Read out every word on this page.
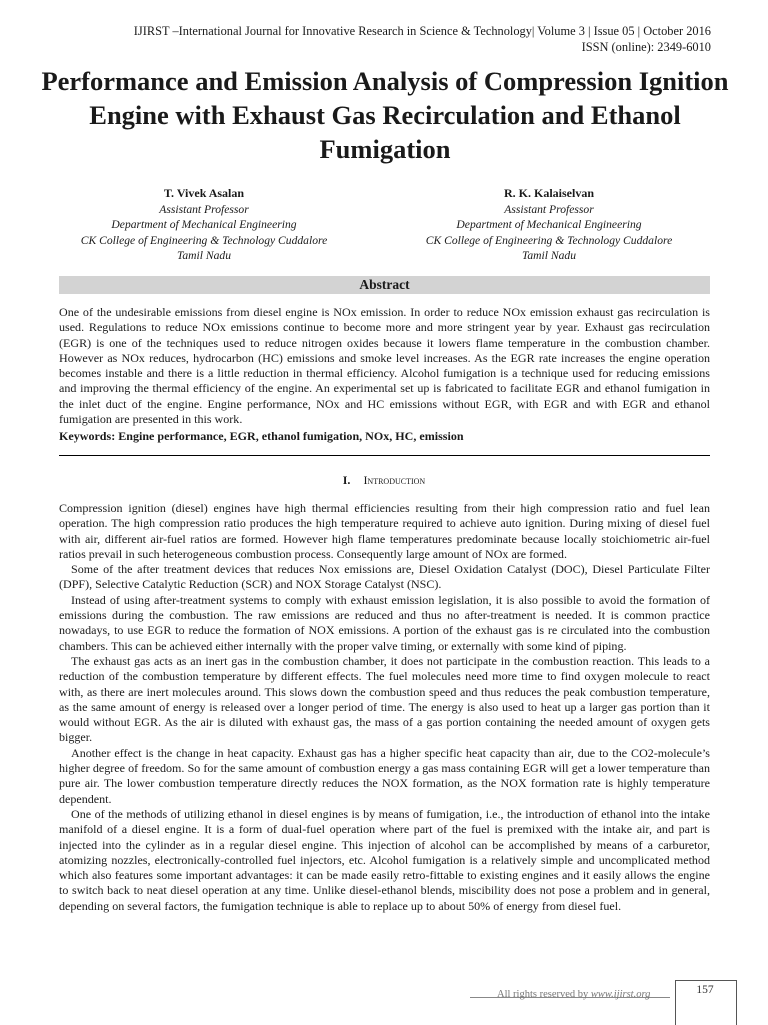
IJIRST –International Journal for Innovative Research in Science & Technology| Volume 3 | Issue 05 | October 2016
ISSN (online): 2349-6010
Performance and Emission Analysis of Compression Ignition Engine with Exhaust Gas Recirculation and Ethanol Fumigation
T. Vivek Asalan
Assistant Professor
Department of Mechanical Engineering
CK College of Engineering & Technology Cuddalore
Tamil Nadu
R. K. Kalaiselvan
Assistant Professor
Department of Mechanical Engineering
CK College of Engineering & Technology Cuddalore
Tamil Nadu
Abstract

One of the undesirable emissions from diesel engine is NOx emission. In order to reduce NOx emission exhaust gas recirculation is used. Regulations to reduce NOx emissions continue to become more and more stringent year by year. Exhaust gas recirculation (EGR) is one of the techniques used to reduce nitrogen oxides because it lowers flame temperature in the combustion chamber. However as NOx reduces, hydrocarbon (HC) emissions and smoke level increases. As the EGR rate increases the engine operation becomes instable and there is a little reduction in thermal efficiency. Alcohol fumigation is a technique used for reducing emissions and improving the thermal efficiency of the engine. An experimental set up is fabricated to facilitate EGR and ethanol fumigation in the inlet duct of the engine. Engine performance, NOx and HC emissions without EGR, with EGR and with EGR and ethanol fumigation are presented in this work.

Keywords: Engine performance, EGR, ethanol fumigation, NOx, HC, emission

I. Introduction

Compression ignition (diesel) engines have high thermal efficiencies resulting from their high compression ratio and fuel lean operation. The high compression ratio produces the high temperature required to achieve auto ignition. During mixing of diesel fuel with air, different air-fuel ratios are formed. However high flame temperatures predominate because locally stoichiometric air-fuel ratios prevail in such heterogeneous combustion process. Consequently large amount of NOx are formed.

Some of the after treatment devices that reduces Nox emissions are, Diesel Oxidation Catalyst (DOC), Diesel Particulate Filter (DPF), Selective Catalytic Reduction (SCR) and NOX Storage Catalyst (NSC).

Instead of using after-treatment systems to comply with exhaust emission legislation, it is also possible to avoid the formation of emissions during the combustion. The raw emissions are reduced and thus no after-treatment is needed. It is common practice nowadays, to use EGR to reduce the formation of NOX emissions. A portion of the exhaust gas is re circulated into the combustion chambers. This can be achieved either internally with the proper valve timing, or externally with some kind of piping.

The exhaust gas acts as an inert gas in the combustion chamber, it does not participate in the combustion reaction. This leads to a reduction of the combustion temperature by different effects. The fuel molecules need more time to find oxygen molecule to react with, as there are inert molecules around. This slows down the combustion speed and thus reduces the peak combustion temperature, as the same amount of energy is released over a longer period of time. The energy is also used to heat up a larger gas portion than it would without EGR. As the air is diluted with exhaust gas, the mass of a gas portion containing the needed amount of oxygen gets bigger.

Another effect is the change in heat capacity. Exhaust gas has a higher specific heat capacity than air, due to the CO2-molecule’s higher degree of freedom. So for the same amount of combustion energy a gas mass containing EGR will get a lower temperature than pure air. The lower combustion temperature directly reduces the NOX formation, as the NOX formation rate is highly temperature dependent.

One of the methods of utilizing ethanol in diesel engines is by means of fumigation, i.e., the introduction of ethanol into the intake manifold of a diesel engine. It is a form of dual-fuel operation where part of the fuel is premixed with the intake air, and part is injected into the cylinder as in a regular diesel engine. This injection of alcohol can be accomplished by means of a carburetor, atomizing nozzles, electronically-controlled fuel injectors, etc. Alcohol fumigation is a relatively simple and uncomplicated method which also features some important advantages: it can be made easily retro-fittable to existing engines and it easily allows the engine to switch back to neat diesel operation at any time. Unlike diesel-ethanol blends, miscibility does not pose a problem and in general, depending on several factors, the fumigation technique is able to replace up to about 50% of energy from diesel fuel.

All rights reserved by www.ijirst.org	157
